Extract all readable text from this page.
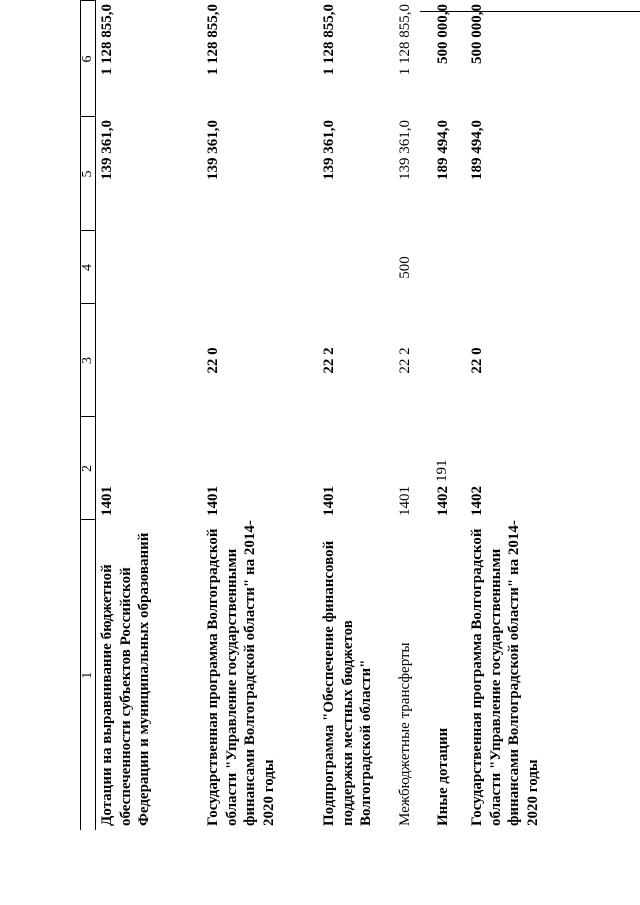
191
1	2	3	4	5	6
Дотации на выравнивание бюджетной обеспеченности субъектов Российской Федерации и муниципальных образований	1401			139 361,0	1 128 855,0
Государственная программа Волгоградской области "Управление государственными финансами Волгоградской области" на 2014-2020 годы	1401	22 0		139 361,0	1 128 855,0
Подпрограмма "Обеспечение финансовой поддержки местных бюджетов Волгоградской области"	1401	22 2		139 361,0	1 128 855,0
Межбюджетные трансферты	1401	22 2	500	139 361,0	1 128 855,0
Иные дотации	1402			189 494,0	500 000,0
Государственная программа Волгоградской области "Управление государственными финансами Волгоградской области" на 2014-2020 годы	1402	22 0		189 494,0	500 000,0
